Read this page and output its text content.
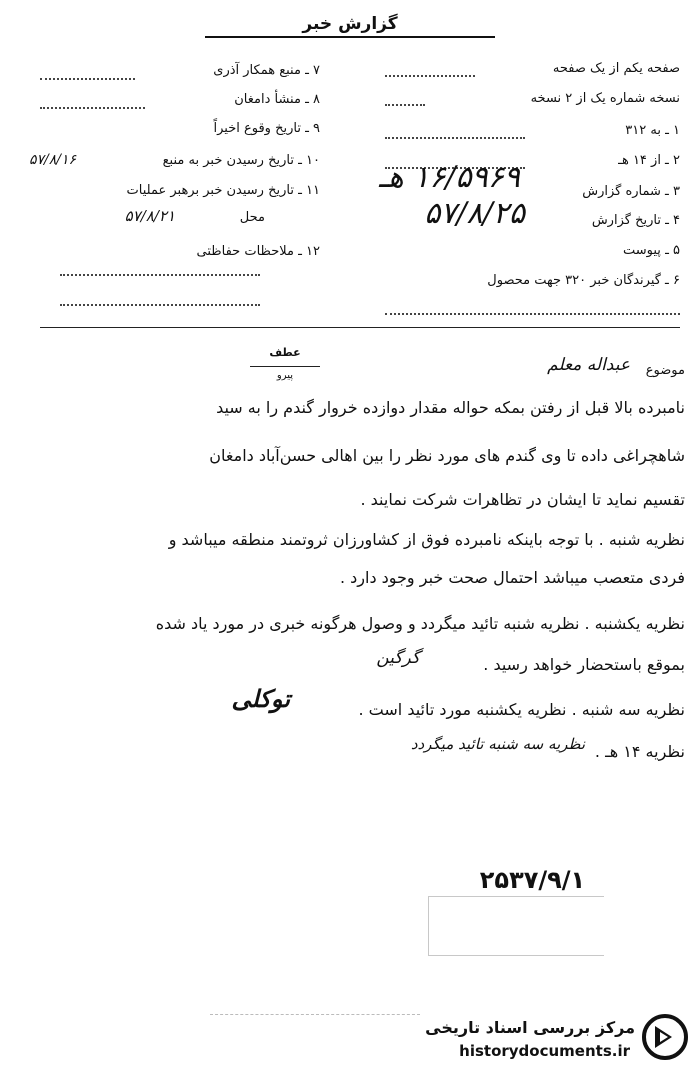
گزارش خبر
۷ ـ منبع همکار آذری
۸ ـ منشأ دامغان
۹ ـ تاریخ وقوع اخیراً
۱۰ ـ تاریخ رسیدن خبر به منبع
۵۷/۸/۱۶
۱۱ ـ تاریخ رسیدن خبر برهبر عملیات
محل
۵۷/۸/۲۱
۱۲ ـ ملاحظات حفاظتی
صفحه یکم از یک صفحه
نسخه شماره یک از ۲ نسخه
۱ ـ به ۳۱۲
۲ ـ از ۱۴ هـ
۳ ـ شماره گزارش
۴ ـ تاریخ گزارش
۵ ـ پیوست
۶ ـ گیرندگان خبر ۳۲۰ جهت محصول
۱۶/۵۹۶۹ هـ
۵۷/۸/۲۵
عطف
پیرو	موضوع
عبداله معلم
نامبرده بالا قبل از رفتن بمکه حواله مقدار دوازده خروار گندم را به سید
شاهچراغی داده تا وی گندم های مورد نظر را بین اهالی حسن‌آباد دامغان
تقسیم نماید تا ایشان در تظاهرات شرکت نمایند .
نظریه شنبه . با توجه باینکه نامبرده فوق از کشاورزان ثروتمند منطقه میباشد و
فردی متعصب میباشد احتمال صحت خبر وجود دارد .
نظریه یکشنبه . نظریه شنبه تائید میگردد و وصول هرگونه خبری در مورد یاد شده
بموقع باستحضار خواهد رسید .
گرگین
نظریه سه شنبه . نظریه یکشنبه مورد تائید است .
توکلی
نظریه ۱۴ هـ .
نظریه سه شنبه تائید میگردد
۲۵۳۷/۹/۱
مرکز بررسی اسناد تاریخی
historydocuments.ir
